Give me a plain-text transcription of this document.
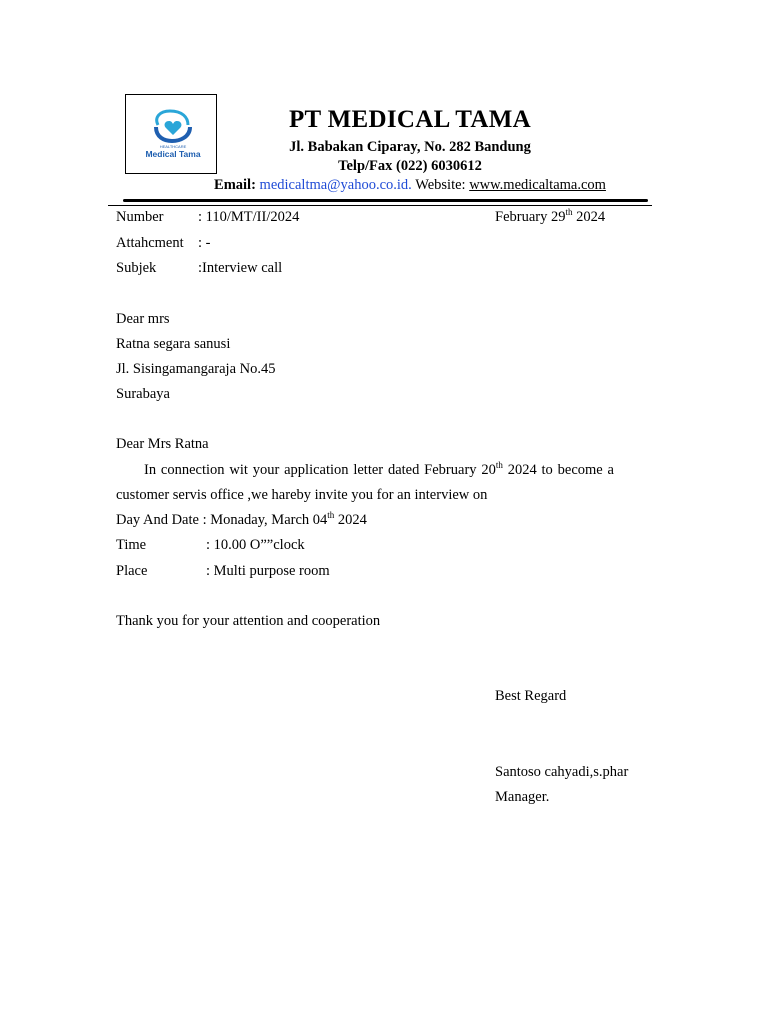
HEALTHCARE
Medical Tama
PT MEDICAL TAMA
Jl. Babakan Ciparay, No. 282 Bandung
Telp/Fax (022) 6030612
Email: medicaltma@yahoo.co.id. Website: www.medicaltama.com
Number : 110/MT/II/2024	February 29th 2024
Attahcment : -
Subjek	:Interview call
Dear mrs
Ratna segara sanusi
Jl. Sisingamangaraja No.45
Surabaya
Dear Mrs Ratna
In connection wit your application letter dated February 20th 2024 to become a
customer servis office ,we hareby invite you for an interview on
Day And Date : Monaday, March 04th 2024
Time	: 10.00 O””clock
Place	: Multi purpose room
Thank you for your attention and cooperation
Best Regard
Santoso cahyadi,s.phar
Manager.
